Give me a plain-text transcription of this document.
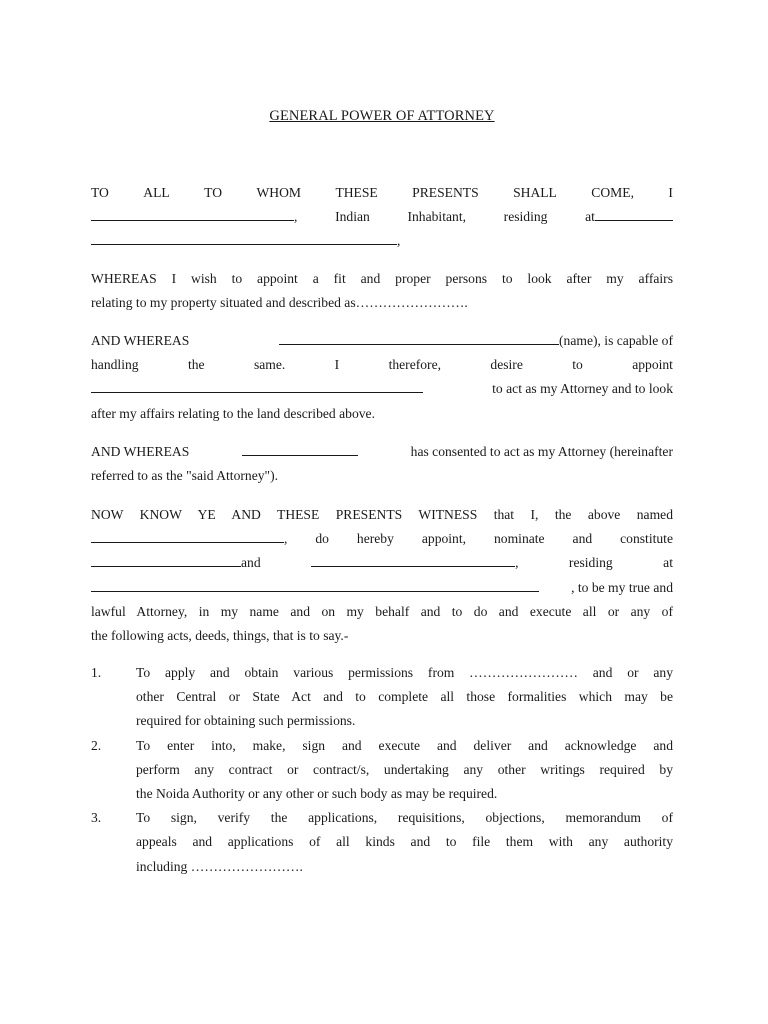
GENERAL POWER OF ATTORNEY
TO	ALL	TO	WHOM	THESE	PRESENTS	SHALL	COME,	I
,	Indian	Inhabitant,	residing	at
,
WHEREAS I wish to appoint a fit and proper persons to look after my affairs
relating to my property situated and described as…………………….
AND WHEREAS	(name), is capable of
handling	the	same.	I	therefore,	desire	to	appoint
to act as my Attorney and to look
after my affairs relating to the land described above.
AND WHEREAS	has consented to act as my Attorney (hereinafter
referred to as the "said Attorney").
NOW KNOW YE AND THESE PRESENTS WITNESS that I, the above named
, do hereby appoint, nominate and constitute
and	,	residing	at
, to be my true and
lawful Attorney, in my name and on my behalf and to do and execute all or any of
the following acts, deeds, things, that is to say.-
1.	To apply and obtain various permissions from …………………… and or any
other Central or State Act and to complete all those formalities which may be
required for obtaining such permissions.
2.	To enter into, make, sign and execute and deliver and acknowledge and
perform any contract or contract/s, undertaking any other writings required by
the Noida Authority or any other or such body as may be required.
3.	To sign, verify the applications, requisitions, objections, memorandum of
appeals and applications of all kinds and to file them with any authority
including …………………….
